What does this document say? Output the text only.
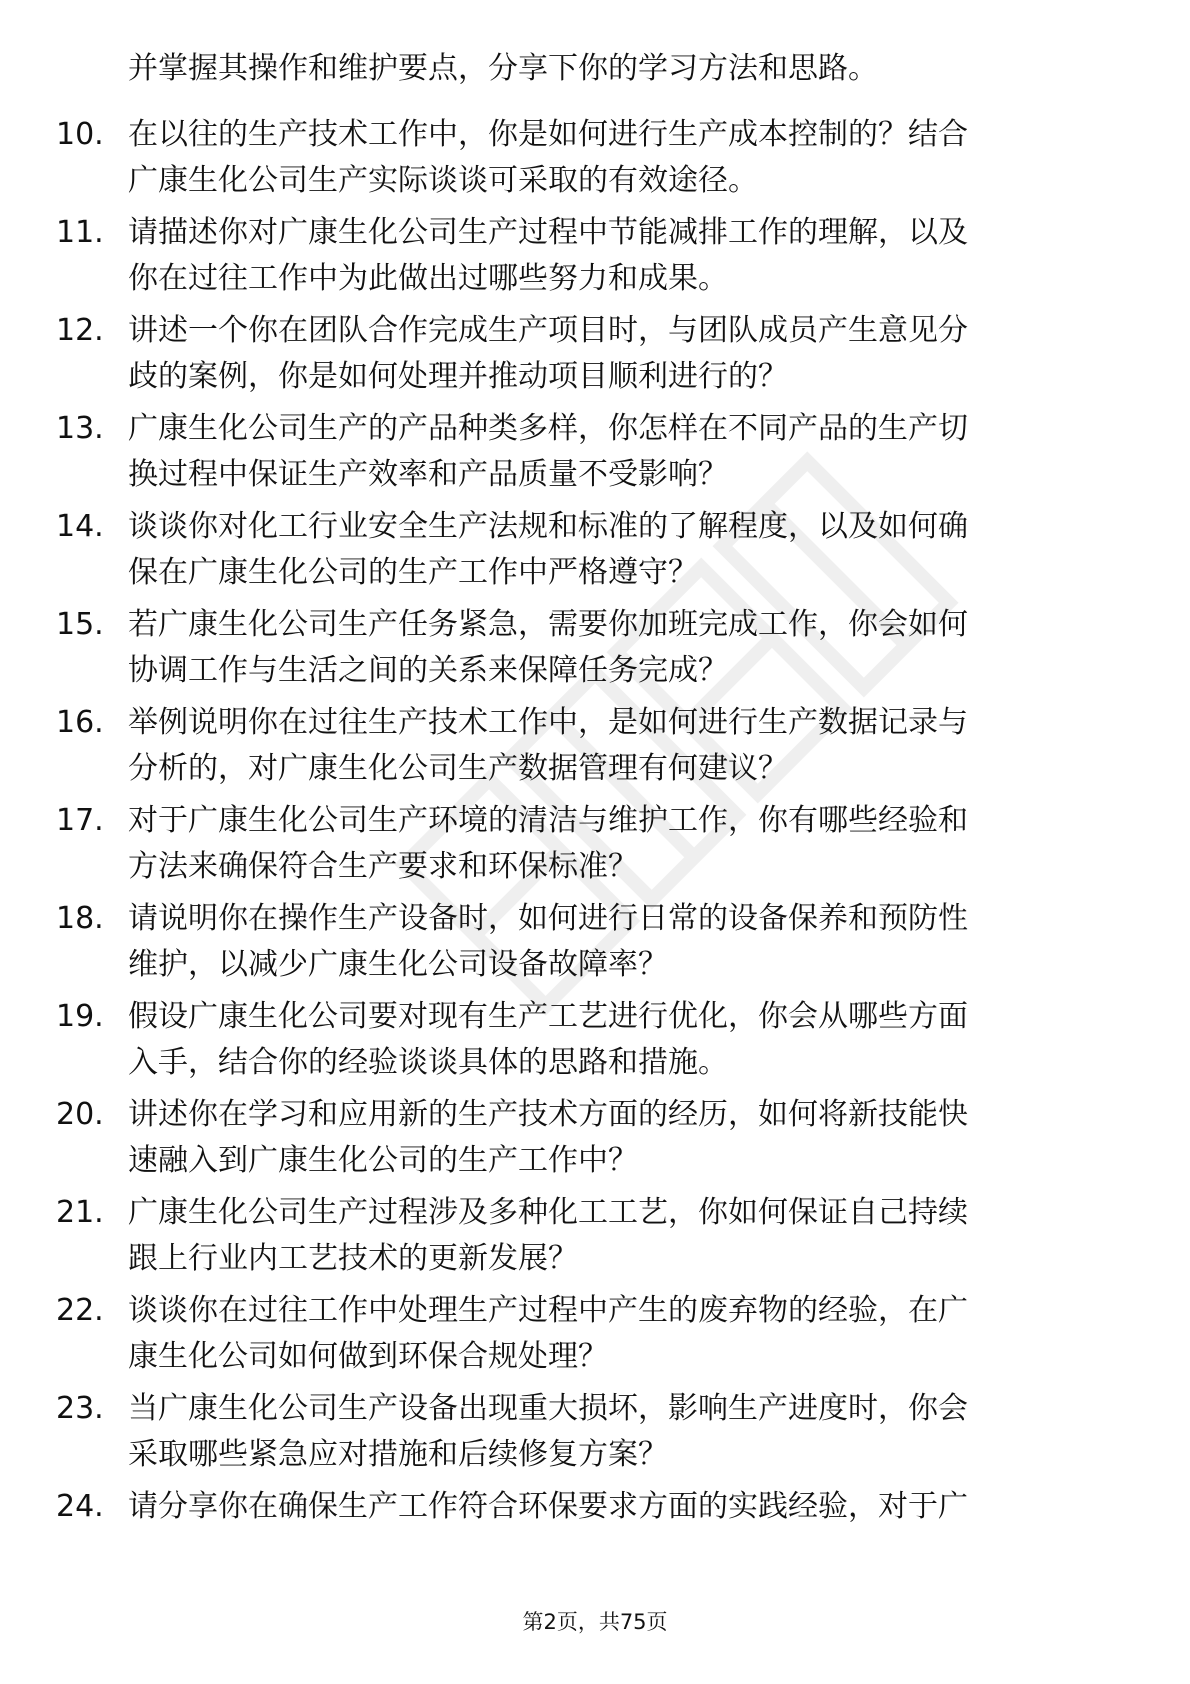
并掌握其操作和维护要点，分享下你的学习方法和思路。
10. 在以往的生产技术工作中，你是如何进行生产成本控制的？结合
广康生化公司生产实际谈谈可采取的有效途径。
11. 请描述你对广康生化公司生产过程中节能减排工作的理解，以及
你在过往工作中为此做出过哪些努力和成果。
12. 讲述一个你在团队合作完成生产项目时，与团队成员产生意见分
歧的案例，你是如何处理并推动项目顺利进行的？
13. 广康生化公司生产的产品种类多样，你怎样在不同产品的生产切
换过程中保证生产效率和产品质量不受影响？
14. 谈谈你对化工行业安全生产法规和标准的了解程度，以及如何确
保在广康生化公司的生产工作中严格遵守？
15. 若广康生化公司生产任务紧急，需要你加班完成工作，你会如何
协调工作与生活之间的关系来保障任务完成？
16. 举例说明你在过往生产技术工作中，是如何进行生产数据记录与
分析的，对广康生化公司生产数据管理有何建议？
17. 对于广康生化公司生产环境的清洁与维护工作，你有哪些经验和
方法来确保符合生产要求和环保标准？
18. 请说明你在操作生产设备时，如何进行日常的设备保养和预防性
维护，以减少广康生化公司设备故障率？
19. 假设广康生化公司要对现有生产工艺进行优化，你会从哪些方面
入手，结合你的经验谈谈具体的思路和措施。
20. 讲述你在学习和应用新的生产技术方面的经历，如何将新技能快
速融入到广康生化公司的生产工作中？
21. 广康生化公司生产过程涉及多种化工工艺，你如何保证自己持续
跟上行业内工艺技术的更新发展？
22. 谈谈你在过往工作中处理生产过程中产生的废弃物的经验，在广
康生化公司如何做到环保合规处理？
23. 当广康生化公司生产设备出现重大损坏，影响生产进度时，你会
采取哪些紧急应对措施和后续修复方案？
24. 请分享你在确保生产工作符合环保要求方面的实践经验，对于广
第2页，共75页
